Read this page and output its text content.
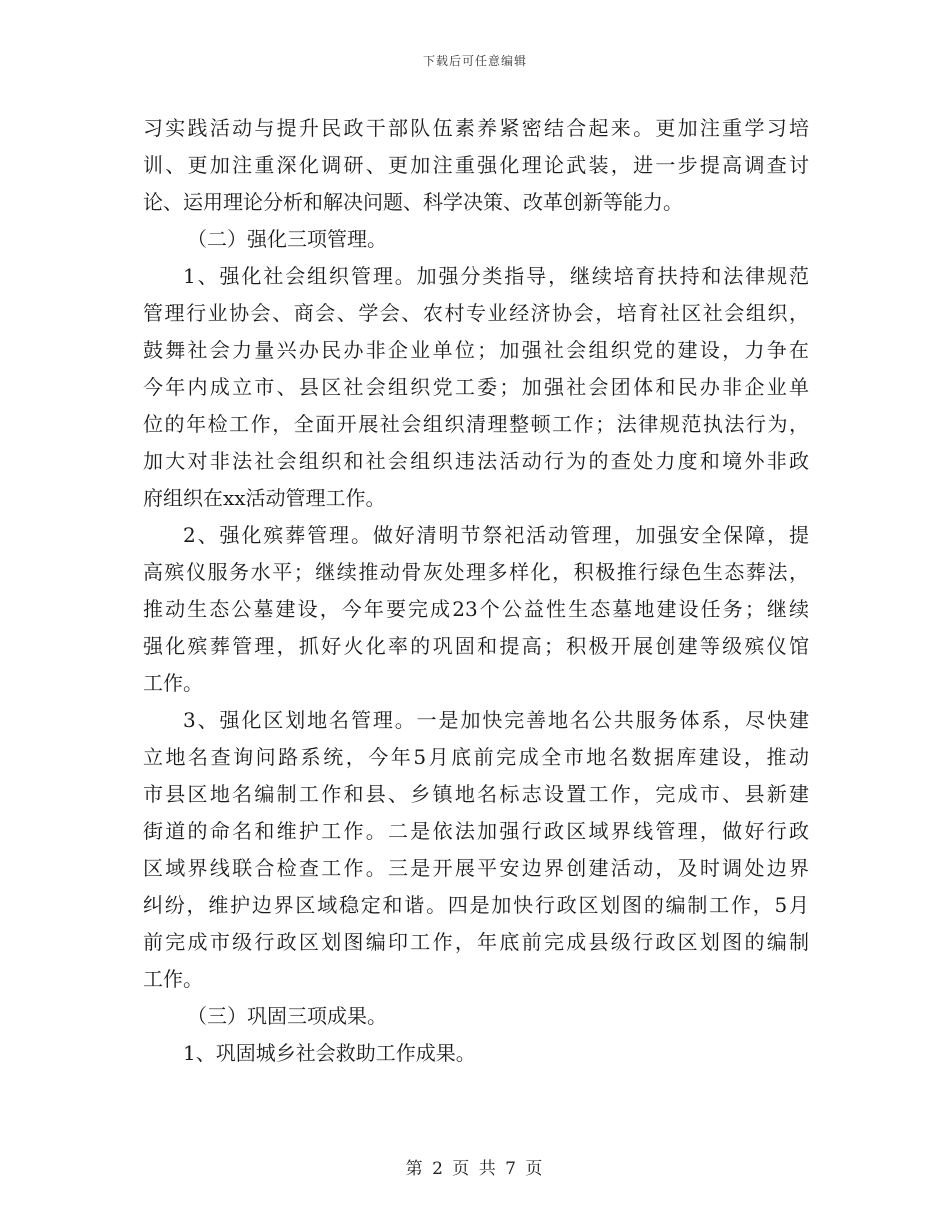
下载后可任意编辑
习实践活动与提升民政干部队伍素养紧密结合起来。更加注重学习培
训、更加注重深化调研、更加注重强化理论武装，进一步提高调查讨
论、运用理论分析和解决问题、科学决策、改革创新等能力。
（二）强化三项管理。
1、强化社会组织管理。加强分类指导，继续培育扶持和法律规范
管理行业协会、商会、学会、农村专业经济协会，培育社区社会组织，
鼓舞社会力量兴办民办非企业单位；加强社会组织党的建设，力争在
今年内成立市、县区社会组织党工委；加强社会团体和民办非企业单
位的年检工作，全面开展社会组织清理整顿工作；法律规范执法行为，
加大对非法社会组织和社会组织违法活动行为的查处力度和境外非政
府组织在xx活动管理工作。
2、强化殡葬管理。做好清明节祭祀活动管理，加强安全保障，提
高殡仪服务水平；继续推动骨灰处理多样化，积极推行绿色生态葬法，
推动生态公墓建设，今年要完成23个公益性生态墓地建设任务；继续
强化殡葬管理，抓好火化率的巩固和提高；积极开展创建等级殡仪馆
工作。
3、强化区划地名管理。一是加快完善地名公共服务体系，尽快建
立地名查询问路系统，今年5月底前完成全市地名数据库建设，推动
市县区地名编制工作和县、乡镇地名标志设置工作，完成市、县新建
街道的命名和维护工作。二是依法加强行政区域界线管理，做好行政
区域界线联合检查工作。三是开展平安边界创建活动，及时调处边界
纠纷，维护边界区域稳定和谐。四是加快行政区划图的编制工作，5月
前完成市级行政区划图编印工作，年底前完成县级行政区划图的编制
工作。
（三）巩固三项成果。
1、巩固城乡社会救助工作成果。
第 2 页 共 7 页
